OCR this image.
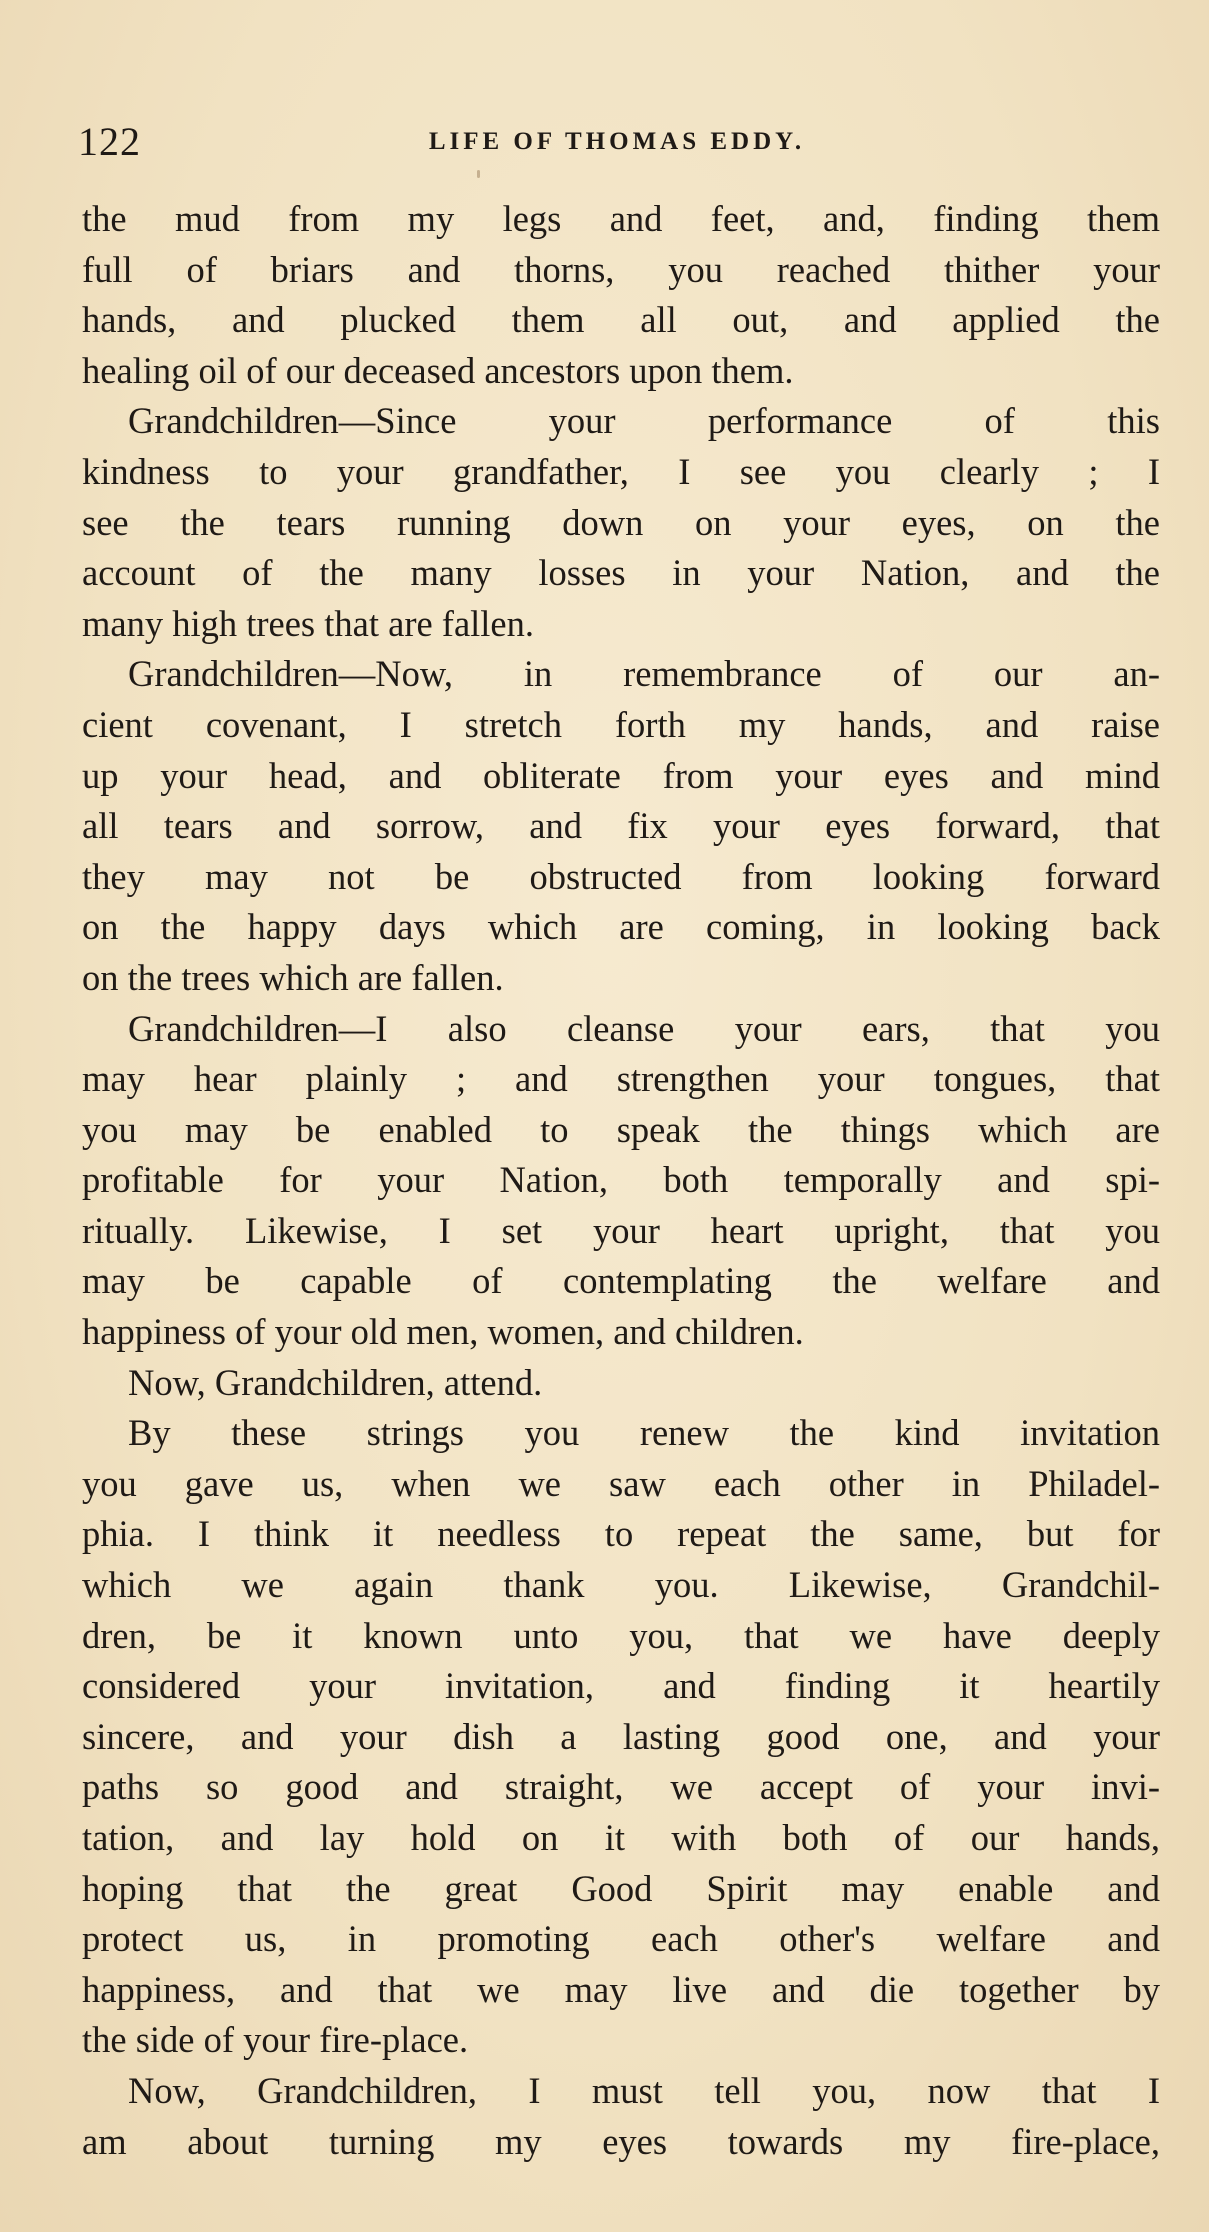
122	LIFE OF THOMAS EDDY.
the mud from my legs and feet, and, finding them
full of briars and thorns, you reached thither your
hands, and plucked them all out, and applied the
healing oil of our deceased ancestors upon them.
Grandchildren—Since your performance of this
kindness to your grandfather, I see you clearly ; I
see the tears running down on your eyes, on the
account of the many losses in your Nation, and the
many high trees that are fallen.
Grandchildren—Now, in remembrance of our an-
cient covenant, I stretch forth my hands, and raise
up your head, and obliterate from your eyes and mind
all tears and sorrow, and fix your eyes forward, that
they may not be obstructed from looking forward
on the happy days which are coming, in looking back
on the trees which are fallen.
Grandchildren—I also cleanse your ears, that you
may hear plainly ; and strengthen your tongues, that
you may be enabled to speak the things which are
profitable for your Nation, both temporally and spi-
ritually. Likewise, I set your heart upright, that you
may be capable of contemplating the welfare and
happiness of your old men, women, and children.
Now, Grandchildren, attend.
By these strings you renew the kind invitation
you gave us, when we saw each other in Philadel-
phia. I think it needless to repeat the same, but for
which we again thank you. Likewise, Grandchil-
dren, be it known unto you, that we have deeply
considered your invitation, and finding it heartily
sincere, and your dish a lasting good one, and your
paths so good and straight, we accept of your invi-
tation, and lay hold on it with both of our hands,
hoping that the great Good Spirit may enable and
protect us, in promoting each other's welfare and
happiness, and that we may live and die together by
the side of your fire-place.
Now, Grandchildren, I must tell you, now that I
am about turning my eyes towards my fire-place,
